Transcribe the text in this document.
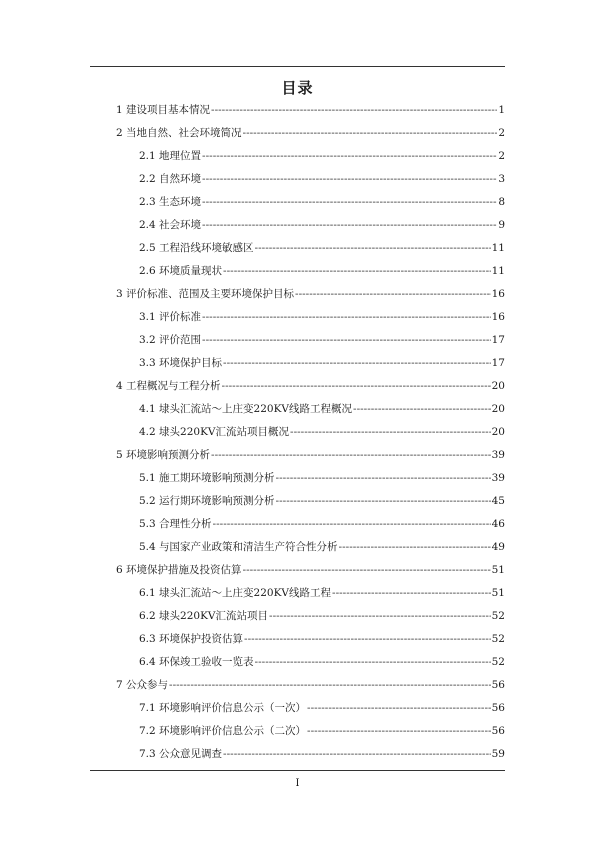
目录
1 建设项目基本情况 -----	1
2 当地自然、社会环境简况 -----	2
2.1 地理位置 -----	2
2.2 自然环境 -----	3
2.3 生态环境 -----	8
2.4 社会环境 -----	9
2.5 工程沿线环境敏感区 -----	11
2.6 环境质量现状 -----	11
3 评价标准、范围及主要环境保护目标 -----	16
3.1 评价标准 -----	16
3.2 评价范围 -----	17
3.3 环境保护目标 -----	17
4 工程概况与工程分析 -----	20
4.1 埭头汇流站～上庄变220KV线路工程概况 -----	20
4.2 埭头220KV汇流站项目概况 -----	20
5 环境影响预测分析 -----	39
5.1 施工期环境影响预测分析 -----	39
5.2 运行期环境影响预测分析 -----	45
5.3 合理性分析 -----	46
5.4 与国家产业政策和清洁生产符合性分析 -----	49
6 环境保护措施及投资估算 -----	51
6.1 埭头汇流站～上庄变220KV线路工程 -----	51
6.2 埭头220KV汇流站项目 -----	52
6.3 环境保护投资估算 -----	52
6.4 环保竣工验收一览表 -----	52
7 公众参与 -----	56
7.1 环境影响评价信息公示（一次） -----	56
7.2 环境影响评价信息公示（二次） -----	56
7.3 公众意见调查 -----	59
I
